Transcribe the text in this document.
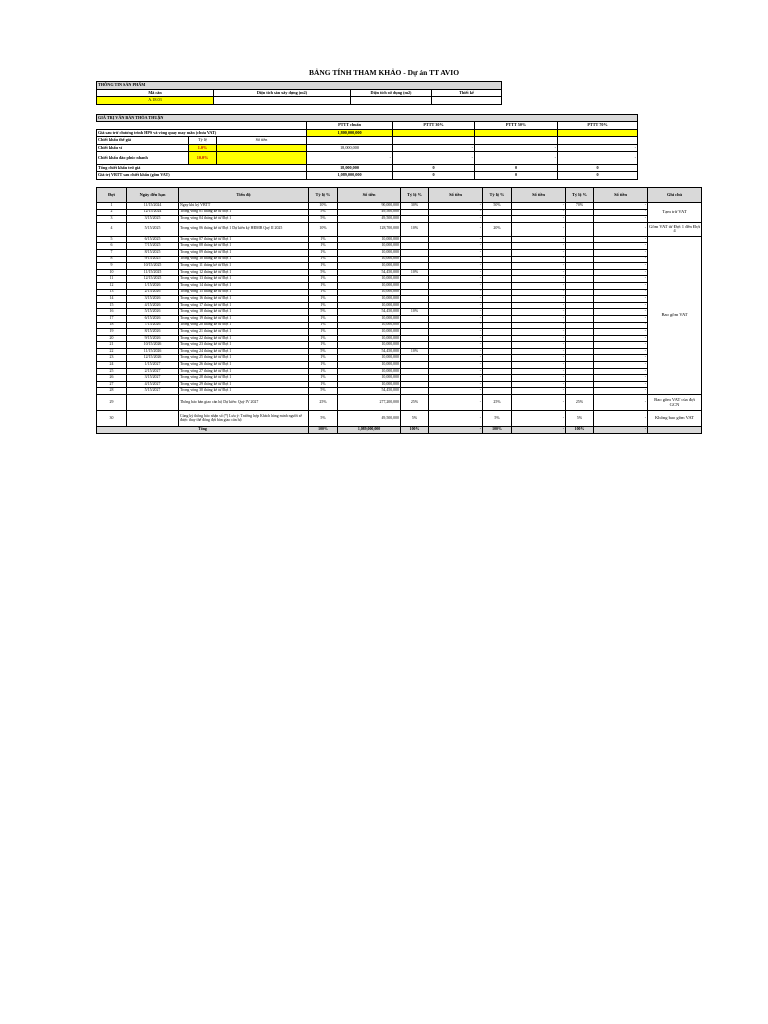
BẢNG TÍNH THAM KHẢO - Dự án TT AVIO
THÔNG TIN SẢN PHẨM			
Mã căn	Diện tích sàn xây dựng (m2)	Diện tích sử dụng (m2)	Thiết kế
A.18.03			
GIÁ TRỊ VĂN BẢN THỎA THUẬN						
			PTTT chuẩn	PTTT 30%	PTTT 50%	PTTT 70%
Giá sau trừ chương trình HPS và vòng quay may mắn (chưa VAT)			1,800,000,000			
Chiết khấu thế giá	Tỷ lệ	Số tiền				
Chiết khấu ví	1.0%		18,000,000	-	-	-
Chiết khấu đảo phúc nhanh	10.0%		-	-	-	-
Tổng chiết khấu trừ giá			18,000,000	0	0	0
Giá trị VBTT sau chiết khấu (gồm VAT)			1,089,000,000	0	0	0
Đợt	Ngày đến hạn	Tiến độ	Tỷ lệ %	Số tiền	Tỷ lệ %	Số tiền	Tỷ lệ %	Số tiền	Tỷ lệ %	Số tiền	Ghi chú
1	11/15/2024	Ngay khi ký VBTT	10%	90,000,000	30%	-	50%	-	70%	-	Tạm trừ VAT
2	12/15/2024	Trong vòng 01 tháng kể từ Đợt 1	5%	49,500,000		-		-		-	
3	3/15/2025	Trong vòng 04 tháng kể từ Đợt 1	5%	49,500,000		-		-		-	
4	5/15/2025	Trong vòng 06 tháng kể từ Đợt 1 Dự kiến ký HĐMB Quý II 2025	10%	128,700,000	10%	-	20%	-		-	Gồm VAT từ Đợt 1 đến Đợt 4
5	6/15/2025	Trong vòng 07 tháng kể từ Đợt 1	1%	10,000,000		-		-		-	Bao gồm VAT
6	7/15/2025	Trong vòng 08 tháng kể từ Đợt 1	1%	10,000,000		-		-		-	
7	8/15/2025	Trong vòng 09 tháng kể từ Đợt 1	1%	10,000,000		-		-		-	
8	9/15/2025	Trong vòng 10 tháng kể từ Đợt 1	1%	10,000,000		-		-		-	
9	10/15/2025	Trong vòng 11 tháng kể từ Đợt 1	1%	10,000,000		-		-		-	
10	11/15/2025	Trong vòng 12 tháng kể từ Đợt 1	5%	54,450,000	10%	-		-		-	
11	12/15/2025	Trong vòng 13 tháng kể từ Đợt 1	1%	10,000,000		-		-		-	
12	1/15/2026	Trong vòng 14 tháng kể từ Đợt 1	1%	10,000,000		-		-		-	
13	2/15/2026	Trong vòng 15 tháng kể từ Đợt 1	1%	10,000,000		-		-		-	
14	3/15/2026	Trong vòng 16 tháng kể từ Đợt 1	1%	10,000,000		-		-		-	
15	4/15/2026	Trong vòng 17 tháng kể từ Đợt 1	1%	10,000,000		-		-		-	
16	5/15/2026	Trong vòng 18 tháng kể từ Đợt 1	5%	54,450,000	10%	-		-		-	
17	6/15/2026	Trong vòng 19 tháng kể từ Đợt 1	1%	10,000,000		-		-		-	
18	7/15/2026	Trong vòng 20 tháng kể từ Đợt 1	1%	10,000,000		-		-		-	
19	8/15/2026	Trong vòng 21 tháng kể từ Đợt 1	1%	10,000,000		-		-		-	
20	9/15/2026	Trong vòng 22 tháng kể từ Đợt 1	1%	10,000,000		-		-		-	
21	10/15/2026	Trong vòng 23 tháng kể từ Đợt 1	1%	10,000,000		-		-		-	
22	11/15/2026	Trong vòng 24 tháng kể từ Đợt 1	5%	54,450,000	10%	-		-		-	
23	12/15/2026	Trong vòng 25 tháng kể từ Đợt 1	1%	10,000,000		-		-		-	
24	1/15/2027	Trong vòng 26 tháng kể từ Đợt 1	1%	10,000,000		-		-		-	
25	2/15/2027	Trong vòng 27 tháng kể từ Đợt 1	1%	10,000,000		-		-		-	
26	3/15/2027	Trong vòng 28 tháng kể từ Đợt 1	1%	10,000,000		-		-		-	
27	4/15/2027	Trong vòng 29 tháng kể từ Đợt 1	1%	10,000,000		-		-		-	
28	5/15/2027	Trong vòng 30 tháng kể từ Đợt 1	5%	54,450,000		-		-		-	
29		Thông báo bàn giao căn hộ Dự kiến: Quý IV 2027	25%	277,200,000	25%	-	25%	-	25%	-	Bao gồm VAT của đợt GCN
30		Cùng kỳ thông báo nhận sổ (*) Lưu ý: Trường hợp Khách hàng minh người sẽ được thay thế đóng đợt bàn giao căn hộ	5%	49,500,000	5%	-	5%	-	5%	-	Không bao gồm VAT
Tổng			100%	1,089,000,000	100%	-	100%	-	100%	-	
